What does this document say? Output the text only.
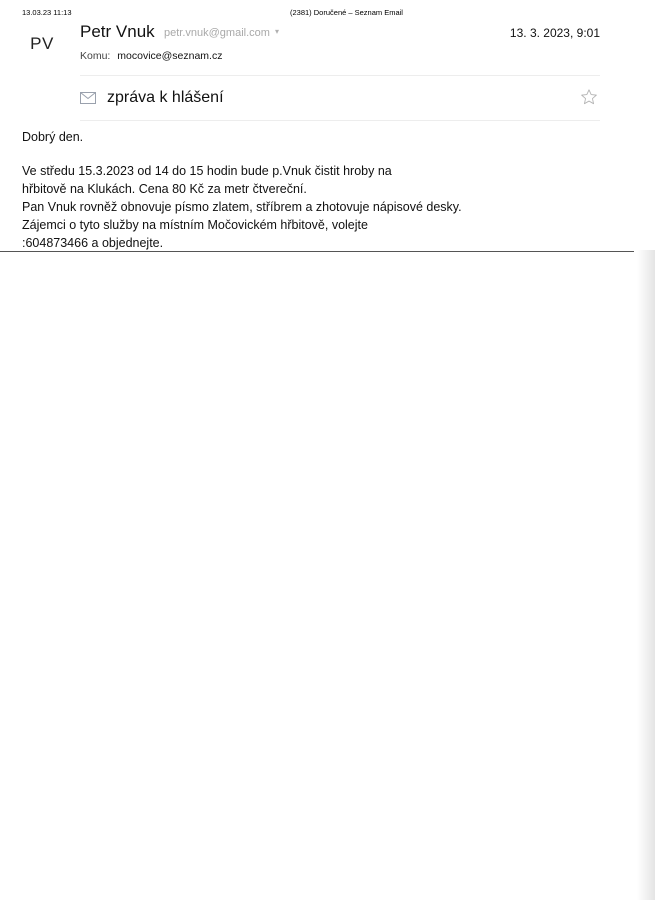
13.03.23 11:13	(2381) Doručené – Seznam Email
PV
Petr Vnuk petr.vnuk@gmail.com ▾	13. 3. 2023, 9:01
Komu: mocovice@seznam.cz
zpráva k hlášení

Dobrý den.

Ve středu 15.3.2023 od 14 do 15 hodin bude p.Vnuk čistit hroby na

hřbitově na Klukách. Cena 80 Kč za metr čtvereční.

Pan Vnuk rovněž obnovuje písmo zlatem, stříbrem a zhotovuje nápisové desky.

Zájemci o tyto služby na místním Močovickém hřbitově, volejte

:604873466 a objednejte.
